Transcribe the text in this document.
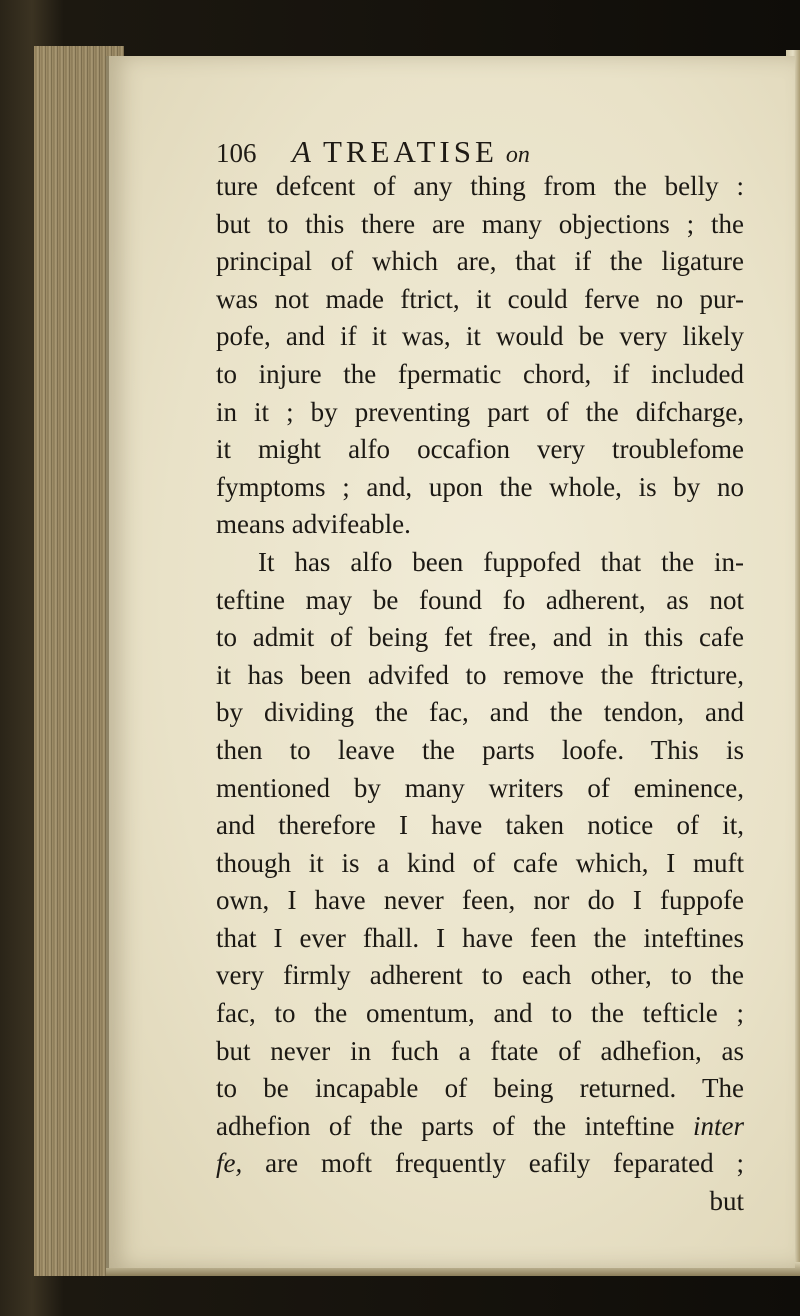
106 A TREATISE on
ture defcent of any thing from the belly :
but to this there are many objections ; the
principal of which are, that if the ligature
was not made ftrict, it could ferve no pur-
pofe, and if it was, it would be very likely
to injure the fpermatic chord, if included
in it ; by preventing part of the difcharge,
it might alfo occafion very troublefome
fymptoms ; and, upon the whole, is by no
means advifeable.
It has alfo been fuppofed that the in-
teftine may be found fo adherent, as not
to admit of being fet free, and in this cafe
it has been advifed to remove the ftricture,
by dividing the fac, and the tendon, and
then to leave the parts loofe. This is
mentioned by many writers of eminence,
and therefore I have taken notice of it,
though it is a kind of cafe which, I muft
own, I have never feen, nor do I fuppofe
that I ever fhall. I have feen the inteftines
very firmly adherent to each other, to the
fac, to the omentum, and to the tefticle ;
but never in fuch a ftate of adhefion, as
to be incapable of being returned. The
adhefion of the parts of the inteftine inter
fe, are moft frequently eafily feparated ;
but
